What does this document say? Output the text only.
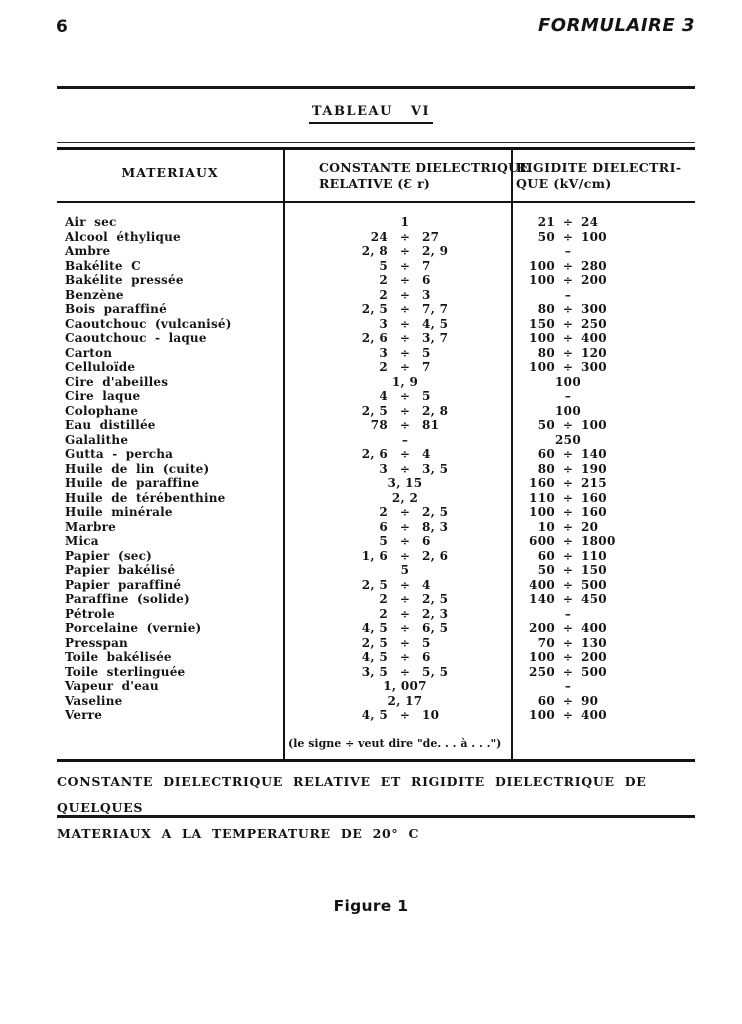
6	FORMULAIRE 3
TABLEAU VI
MATERIAUX	CONSTANTE DIELECTRIQUE
RELATIVE (Ɛ r)
RIGIDITE DIELECTRI-
QUE (kV/cm)
Air sec	1	21 ÷ 24
Alcool éthylique	24 ÷ 27	50 ÷ 100
Ambre	2, 8 ÷ 2, 9	–
Bakélite C	5 ÷ 7	100 ÷ 280
Bakélite pressée	2 ÷ 6	100 ÷ 200
Benzène	2 ÷ 3	–
Bois paraffiné	2, 5 ÷ 7, 7	80 ÷ 300
Caoutchouc (vulcanisé)	3 ÷ 4, 5	150 ÷ 250
Caoutchouc - laque	2, 6 ÷ 3, 7	100 ÷ 400
Carton	3 ÷ 5	80 ÷ 120
Celluloïde	2 ÷ 7	100 ÷ 300
Cire d'abeilles	1, 9	100
Cire laque	4 ÷ 5	–
Colophane	2, 5 ÷ 2, 8	100
Eau distillée	78 ÷ 81	50 ÷ 100
Galalithe	–	250
Gutta - percha	2, 6 ÷ 4	60 ÷ 140
Huile de lin (cuite)	3 ÷ 3, 5	80 ÷ 190
Huile de paraffine	3, 15	160 ÷ 215
Huile de térébenthine	2, 2	110 ÷ 160
Huile minérale	2 ÷ 2, 5	100 ÷ 160
Marbre	6 ÷ 8, 3	10 ÷ 20
Mica	5 ÷ 6	600 ÷ 1800
Papier (sec)	1, 6 ÷ 2, 6	60 ÷ 110
Papier bakélisé	5	50 ÷ 150
Papier paraffiné	2, 5 ÷ 4	400 ÷ 500
Paraffine (solide)	2 ÷ 2, 5	140 ÷ 450
Pétrole	2 ÷ 2, 3	–
Porcelaine (vernie)	4, 5 ÷ 6, 5	200 ÷ 400
Presspan	2, 5 ÷ 5	70 ÷ 130
Toile bakélisée	4, 5 ÷ 6	100 ÷ 200
Toile sterlinguée	3, 5 ÷ 5, 5	250 ÷ 500
Vapeur d'eau	1, 007	–
Vaseline	2, 17	60 ÷ 90
Verre	4, 5 ÷ 10	100 ÷ 400
(le signe ÷ veut dire "de. . . à . . .")
CONSTANTE DIELECTRIQUE RELATIVE ET RIGIDITE DIELECTRIQUE DE QUELQUES
MATERIAUX A LA TEMPERATURE DE 20° C
Figure 1
